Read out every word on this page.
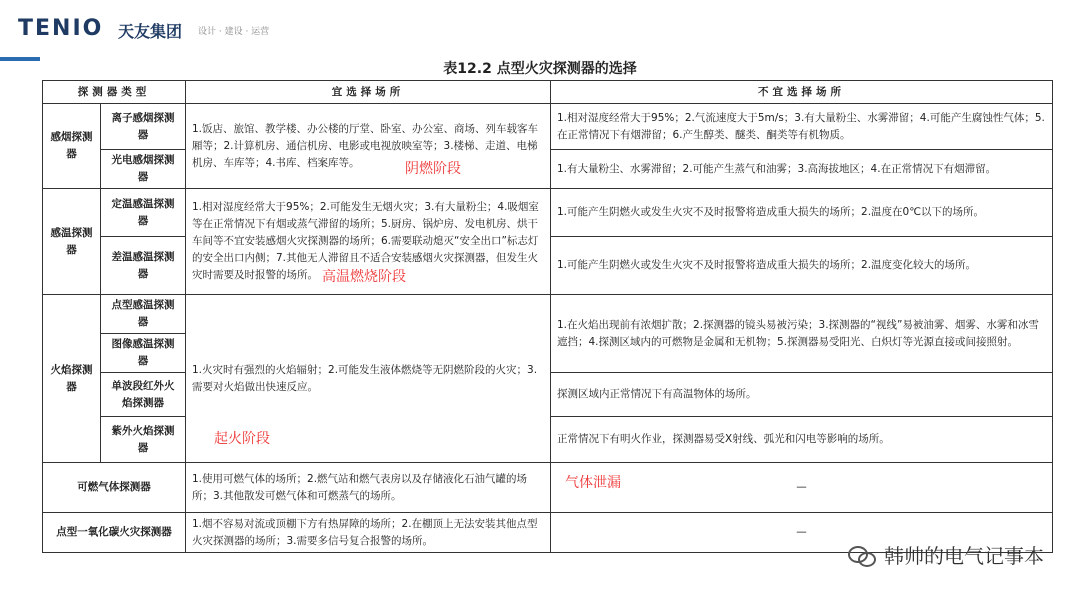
TENIO 天友集团 设计 · 建设 · 运营
表12.2 点型火灾探测器的选择
探测器类型		宜选择场所	不宜选择场所
感烟探测器	离子感烟探测器	1.饭店、旅馆、教学楼、办公楼的厅堂、卧室、办公室、商场、列车载客车厢等；2.计算机房、通信机房、电影或电视放映室等；3.楼梯、走道、电梯机房、车库等；4.书库、档案库等。	1.相对湿度经常大于95%；2.气流速度大于5m/s；3.有大量粉尘、水雾滞留；4.可能产生腐蚀性气体；5.在正常情况下有烟滞留；6.产生醇类、醚类、酮类等有机物质。
	光电感烟探测器		1.有大量粉尘、水雾滞留；2.可能产生蒸气和油雾；3.高海拔地区；4.在正常情况下有烟滞留。
感温探测器	定温感温探测器	1.相对湿度经常大于95%；2.可能发生无烟火灾；3.有大量粉尘；4.吸烟室等在正常情况下有烟或蒸气滞留的场所；5.厨房、锅炉房、发电机房、烘干车间等不宜安装感烟火灾探测器的场所；6.需要联动熄灭“安全出口”标志灯的安全出口内侧；7.其他无人滞留且不适合安装感烟火灾探测器，但发生火灾时需要及时报警的场所。	1.可能产生阴燃火或发生火灾不及时报警将造成重大损失的场所；2.温度在0℃以下的场所。
	差温感温探测器		1.可能产生阴燃火或发生火灾不及时报警将造成重大损失的场所；2.温度变化较大的场所。
火焰探测器	点型感温探测器	1.火灾时有强烈的火焰辐射；2.可能发生液体燃烧等无阴燃阶段的火灾；3.需要对火焰做出快速反应。	1.在火焰出现前有浓烟扩散；2.探测器的镜头易被污染；3.探测器的“视线”易被油雾、烟雾、水雾和冰雪遮挡；4.探测区域内的可燃物是金属和无机物；5.探测器易受阳光、白炽灯等光源直接或间接照射。
	图像感温探测器		
	单波段红外火焰探测器		探测区域内正常情况下有高温物体的场所。
	紫外火焰探测器		正常情况下有明火作业，探测器易受X射线、弧光和闪电等影响的场所。
可燃气体探测器		1.使用可燃气体的场所；2.燃气站和燃气表房以及存储液化石油气罐的场所；3.其他散发可燃气体和可燃蒸气的场所。	—
点型一氧化碳火灾探测器		1.烟不容易对流或顶棚下方有热屏障的场所；2.在棚顶上无法安装其他点型火灾探测器的场所；3.需要多信号复合报警的场所。	—
阴燃阶段
高温燃烧阶段
起火阶段
气体泄漏
韩帅的电气记事本
